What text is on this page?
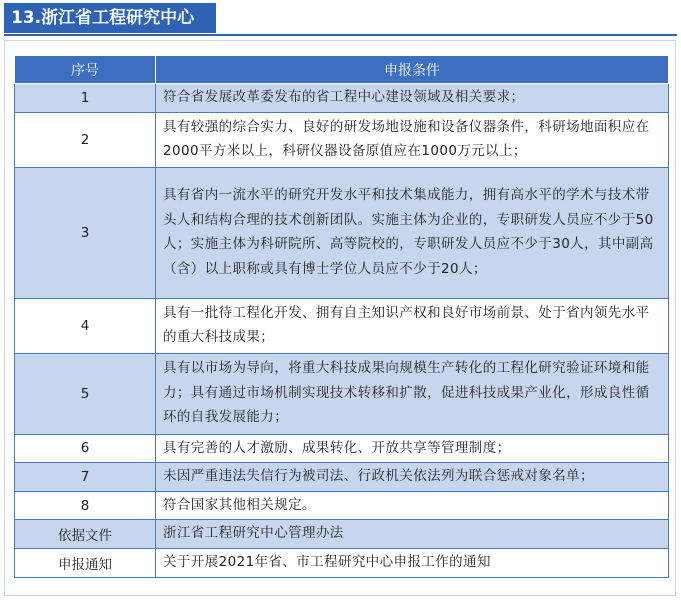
13.浙江省工程研究中心
序号	申报条件
1	符合省发展改革委发布的省工程中心建设领域及相关要求；
2	具有较强的综合实力、良好的研发场地设施和设备仪器条件，科研场地面积应在2000平方米以上，科研仪器设备原值应在1000万元以上；
3	具有省内一流水平的研究开发水平和技术集成能力，拥有高水平的学术与技术带头人和结构合理的技术创新团队。实施主体为企业的，专职研发人员应不少于50人；实施主体为科研院所、高等院校的，专职研发人员应不少于30人，其中副高（含）以上职称或具有博士学位人员应不少于20人；
4	具有一批待工程化开发、拥有自主知识产权和良好市场前景、处于省内领先水平的重大科技成果；
5	具有以市场为导向，将重大科技成果向规模生产转化的工程化研究验证环境和能力；具有通过市场机制实现技术转移和扩散，促进科技成果产业化，形成良性循环的自我发展能力；
6	具有完善的人才激励、成果转化、开放共享等管理制度；
7	未因严重违法失信行为被司法、行政机关依法列为联合惩戒对象名单；
8	符合国家其他相关规定。
依据文件	浙江省工程研究中心管理办法
申报通知	关于开展2021年省、市工程研究中心申报工作的通知
